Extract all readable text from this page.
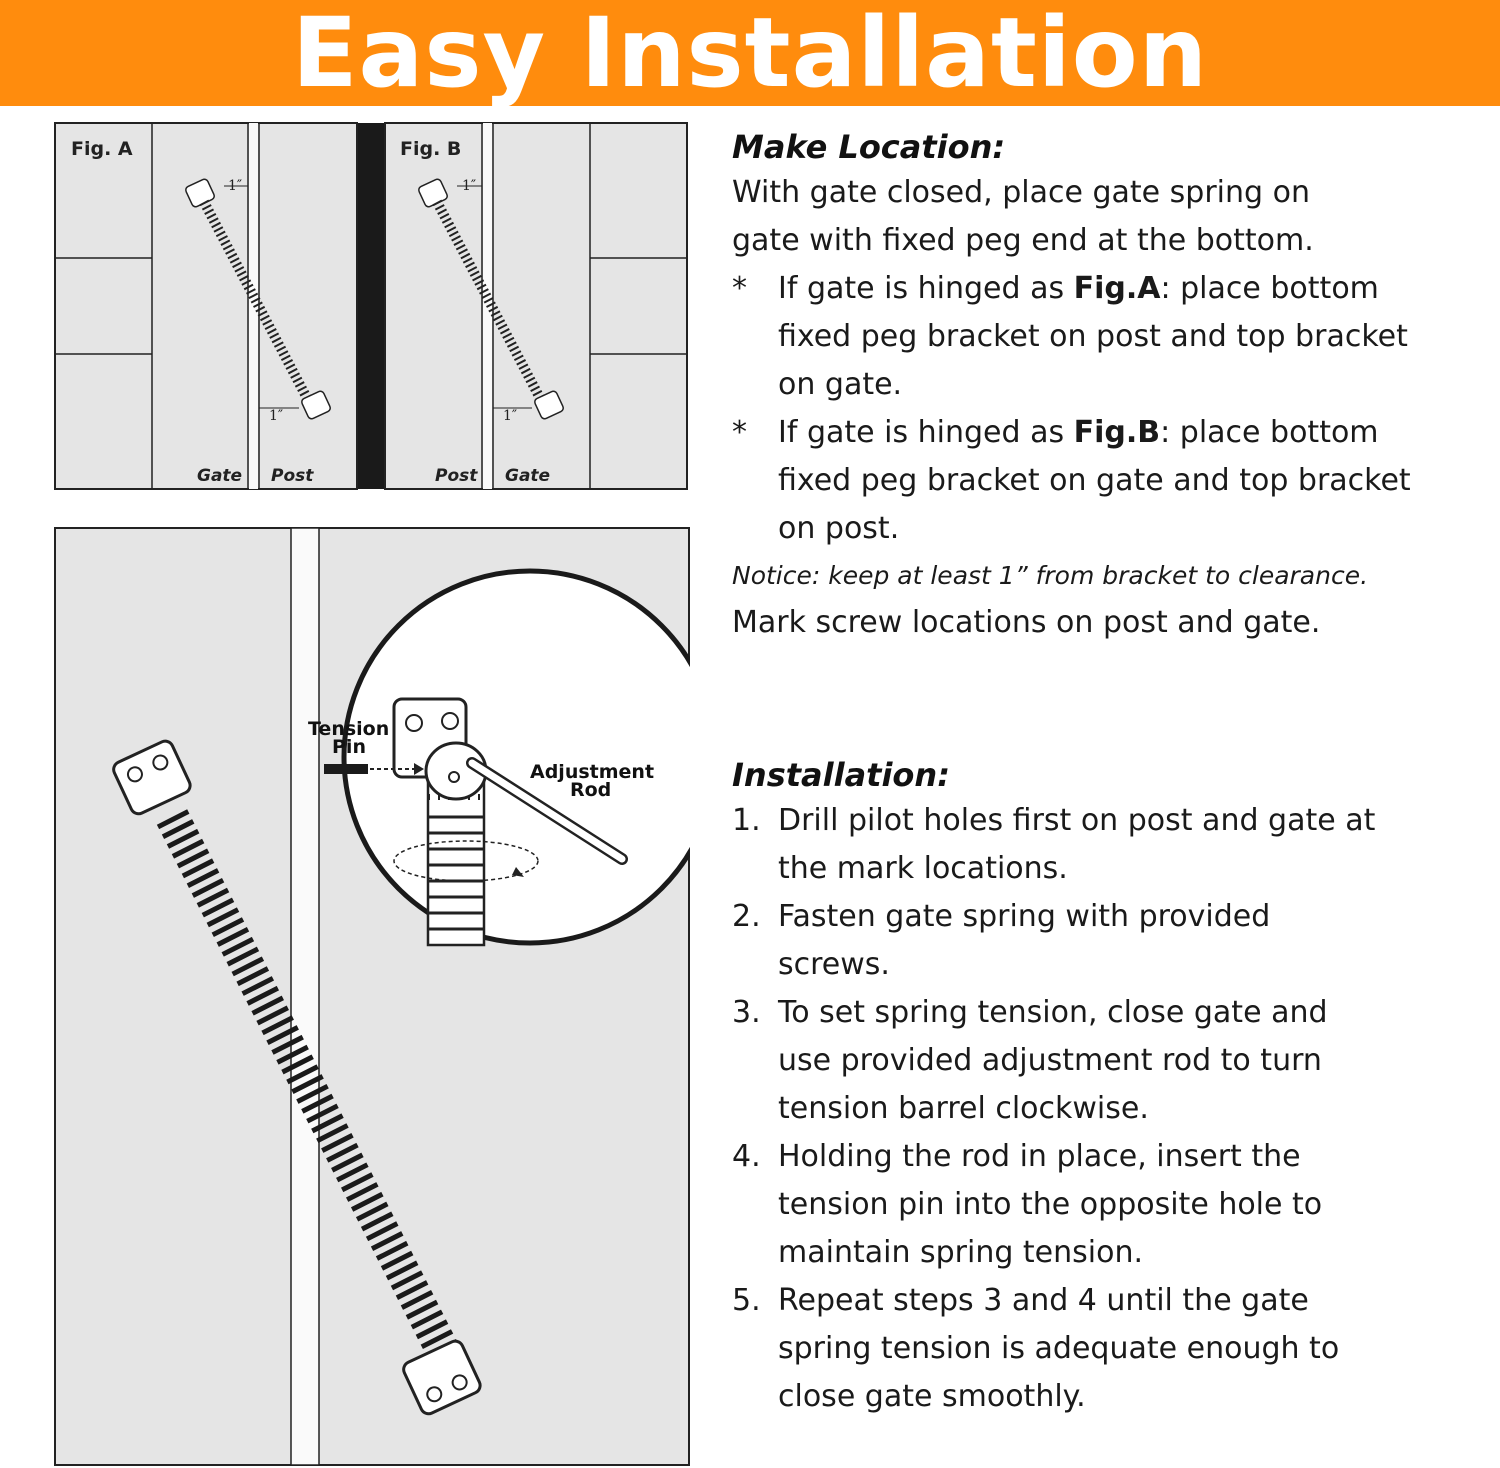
Easy Installation
Fig. A
1″
1″
Gate Post
Fig. B
1″
1″
Post Gate
Tension
Pin
Adjustment
Rod
Make Location:

With gate closed, place gate spring on gate with fixed peg end at the bottom.

*	If gate is hinged as Fig.A: place bottom fixed peg bracket on post and top bracket on gate.
*	If gate is hinged as Fig.B: place bottom fixed peg bracket on gate and top bracket on post.

Notice: keep at least 1” from bracket to clearance.

Mark screw locations on post and gate.

Installation:
1. Drill pilot holes first on post and gate at the mark locations.
2. Fasten gate spring with provided screws.
3. To set spring tension, close gate and use provided adjustment rod to turn tension barrel clockwise.
4. Holding the rod in place, insert the tension pin into the opposite hole to maintain spring tension.
5. Repeat steps 3 and 4 until the gate spring tension is adequate enough to close gate smoothly.
